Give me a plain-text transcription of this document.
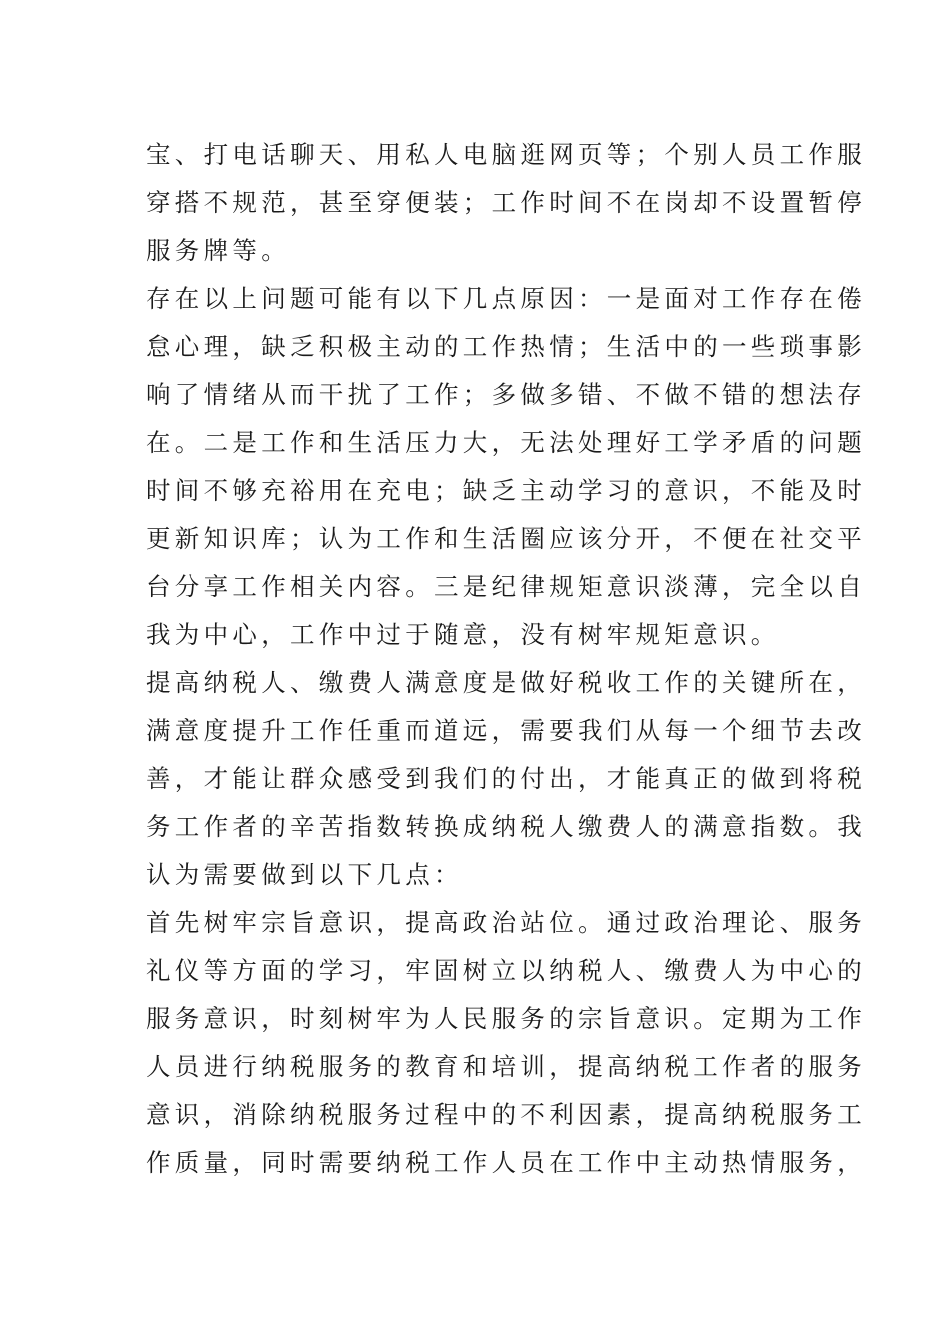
宝、打电话聊天、用私人电脑逛网页等；个别人员工作服
穿搭不规范，甚至穿便装；工作时间不在岗却不设置暂停
服务牌等。
存在以上问题可能有以下几点原因：一是面对工作存在倦
怠心理，缺乏积极主动的工作热情；生活中的一些琐事影
响了情绪从而干扰了工作；多做多错、不做不错的想法存
在。二是工作和生活压力大，无法处理好工学矛盾的问题
时间不够充裕用在充电；缺乏主动学习的意识，不能及时
更新知识库；认为工作和生活圈应该分开，不便在社交平
台分享工作相关内容。三是纪律规矩意识淡薄，完全以自
我为中心，工作中过于随意，没有树牢规矩意识。
提高纳税人、缴费人满意度是做好税收工作的关键所在，
满意度提升工作任重而道远，需要我们从每一个细节去改
善，才能让群众感受到我们的付出，才能真正的做到将税
务工作者的辛苦指数转换成纳税人缴费人的满意指数。我
认为需要做到以下几点：
首先树牢宗旨意识，提高政治站位。通过政治理论、服务
礼仪等方面的学习，牢固树立以纳税人、缴费人为中心的
服务意识，时刻树牢为人民服务的宗旨意识。定期为工作
人员进行纳税服务的教育和培训，提高纳税工作者的服务
意识，消除纳税服务过程中的不利因素，提高纳税服务工
作质量，同时需要纳税工作人员在工作中主动热情服务，
